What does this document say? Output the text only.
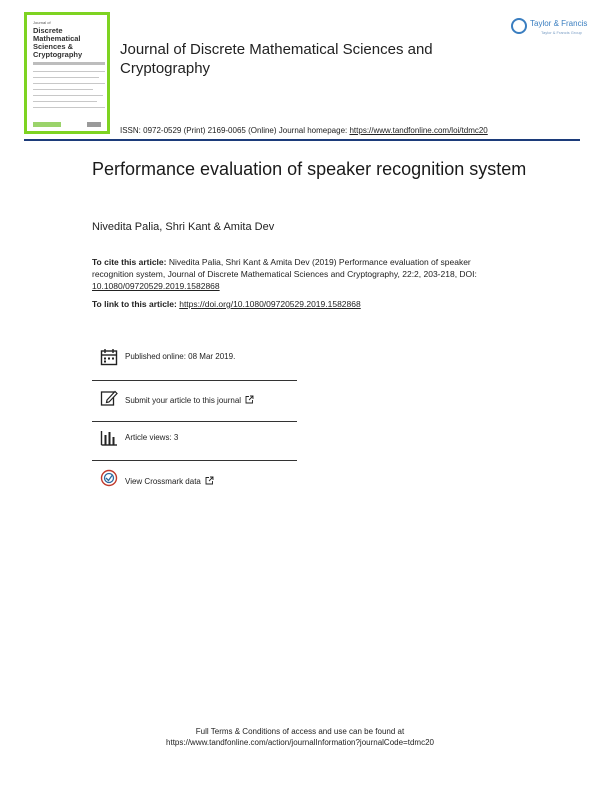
Journal of
Discrete Mathematical Sciences & Cryptography	Journal of Discrete Mathematical Sciences and Cryptography
Taylor & Francis
Taylor & Francis Group
ISSN: 0972-0529 (Print) 2169-0065 (Online) Journal homepage: https://www.tandfonline.com/loi/tdmc20
Performance evaluation of speaker recognition system
Nivedita Palia, Shri Kant & Amita Dev
To cite this article: Nivedita Palia, Shri Kant & Amita Dev (2019) Performance evaluation of speaker recognition system, Journal of Discrete Mathematical Sciences and Cryptography, 22:2, 203-218, DOI: 10.1080/09720529.2019.1582868
To link to this article: https://doi.org/10.1080/09720529.2019.1582868
Published online: 08 Mar 2019.
Submit your article to this journal
Article views: 3
View Crossmark data
Full Terms & Conditions of access and use can be found at
https://www.tandfonline.com/action/journalInformation?journalCode=tdmc20
